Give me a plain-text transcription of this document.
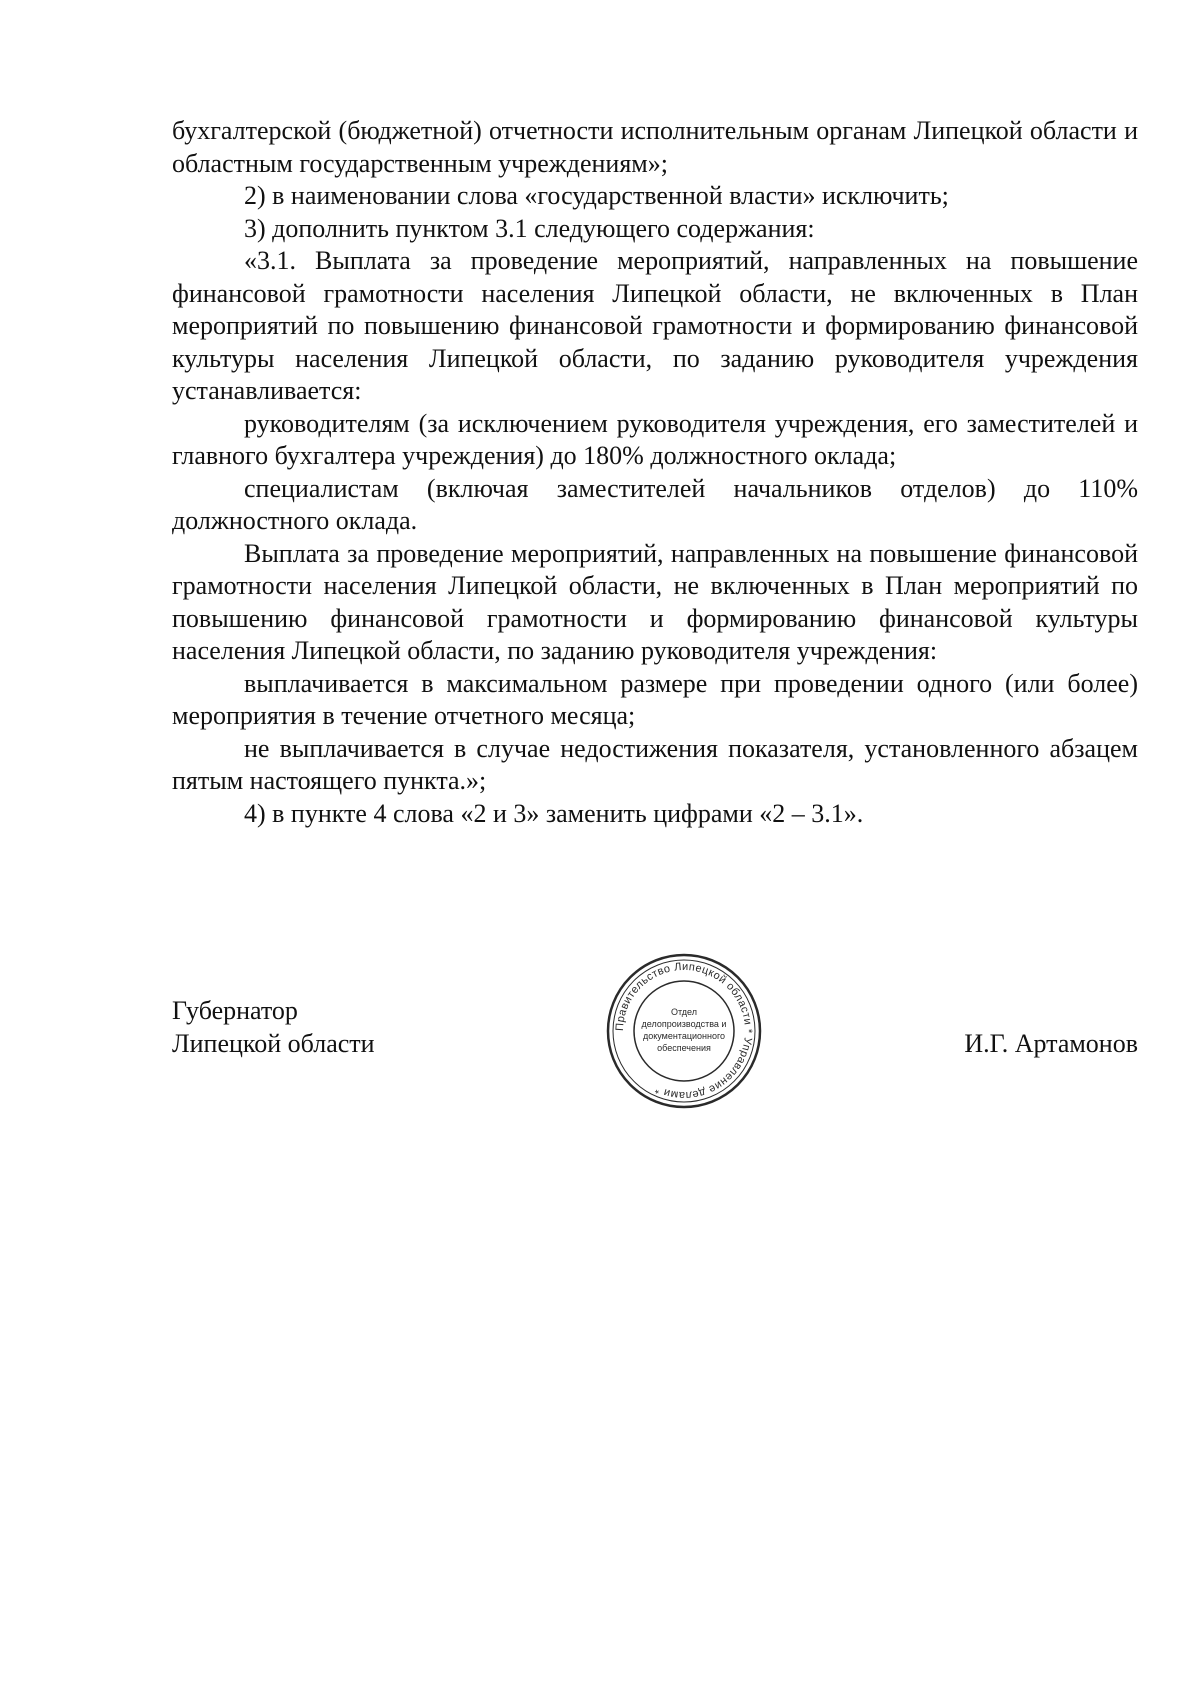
бухгалтерской (бюджетной) отчетности исполнительным органам Липецкой области и областным государственным учреждениям»;

2) в наименовании слова «государственной власти» исключить;

3) дополнить пунктом 3.1 следующего содержания:

«3.1. Выплата за проведение мероприятий, направленных на повышение финансовой грамотности населения Липецкой области, не включенных в План мероприятий по повышению финансовой грамотности и формированию финансовой культуры населения Липецкой области, по заданию руководителя учреждения устанавливается:

руководителям (за исключением руководителя учреждения, его заместителей и главного бухгалтера учреждения) до 180% должностного оклада;

специалистам (включая заместителей начальников отделов) до 110% должностного оклада.

Выплата за проведение мероприятий, направленных на повышение финансовой грамотности населения Липецкой области, не включенных в План мероприятий по повышению финансовой грамотности и формированию финансовой культуры населения Липецкой области, по заданию руководителя учреждения:

выплачивается в максимальном размере при проведении одного (или более) мероприятия в течение отчетного месяца;

не выплачивается в случае недостижения показателя, установленного абзацем пятым настоящего пункта.»;

4) в пункте 4 слова «2 и 3» заменить цифрами «2 – 3.1».

Губернатор
Липецкой области	И.Г. Артамонов
Правительство Липецкой области * Управление делами *
Отдел
делопроизводства и
документационного
обеспечения
